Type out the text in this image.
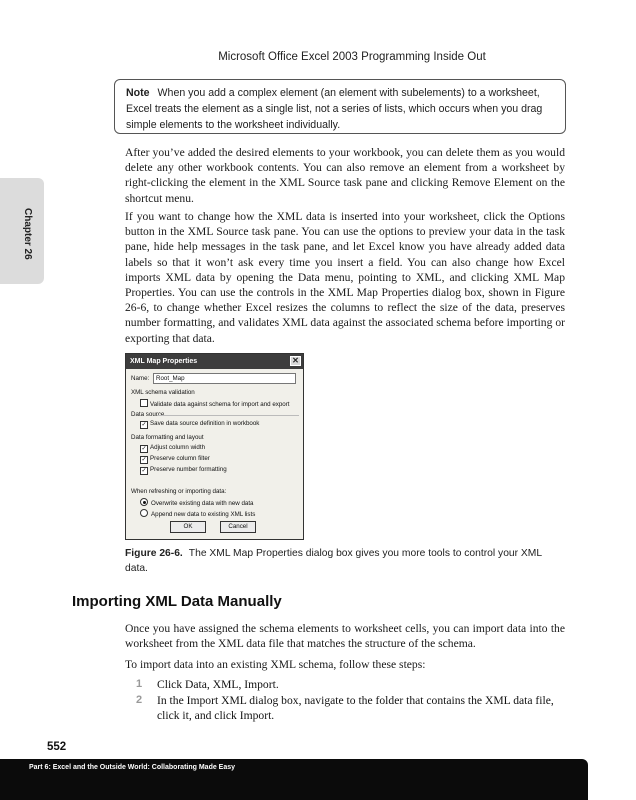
Microsoft Office Excel 2003 Programming Inside Out
Note When you add a complex element (an element with subelements) to a worksheet, Excel treats the element as a single list, not a series of lists, which occurs when you drag simple elements to the worksheet individually.
Chapter 26

After you’ve added the desired elements to your workbook, you can delete them as you would delete any other workbook contents. You can also remove an element from a worksheet by right-clicking the element in the XML Source task pane and clicking Remove Element on the shortcut menu.

If you want to change how the XML data is inserted into your worksheet, click the Options button in the XML Source task pane. You can use the options to preview your data in the task pane, hide help messages in the task pane, and let Excel know you have already added data labels so that it won’t ask every time you insert a field. You can also change how Excel imports XML data by opening the Data menu, pointing to XML, and clicking XML Map Properties. You can use the controls in the XML Map Properties dialog box, shown in Figure 26-6, to change whether Excel resizes the columns to reflect the size of the data, preserves number formatting, and validates XML data against the associated schema before importing or exporting that data.

XML Map Properties	✕
Name:	Root_Map
XML schema validation
Validate data against schema for import and export
Data source
✓ Save data source definition in workbook
Data formatting and layout
✓ Adjust column width
✓ Preserve column filter
✓ Preserve number formatting
When refreshing or importing data:
Overwrite existing data with new data
Append new data to existing XML lists
OK	Cancel
Figure 26-6. The XML Map Properties dialog box gives you more tools to control your XML data.
Importing XML Data Manually

Once you have assigned the schema elements to worksheet cells, you can import data into the worksheet from the XML data file that matches the structure of the schema.

To import data into an existing XML schema, follow these steps:

1 Click Data, XML, Import.
2 In the Import XML dialog box, navigate to the folder that contains the XML data file, click it, and click Import.
552
Part 6: Excel and the Outside World: Collaborating Made Easy
